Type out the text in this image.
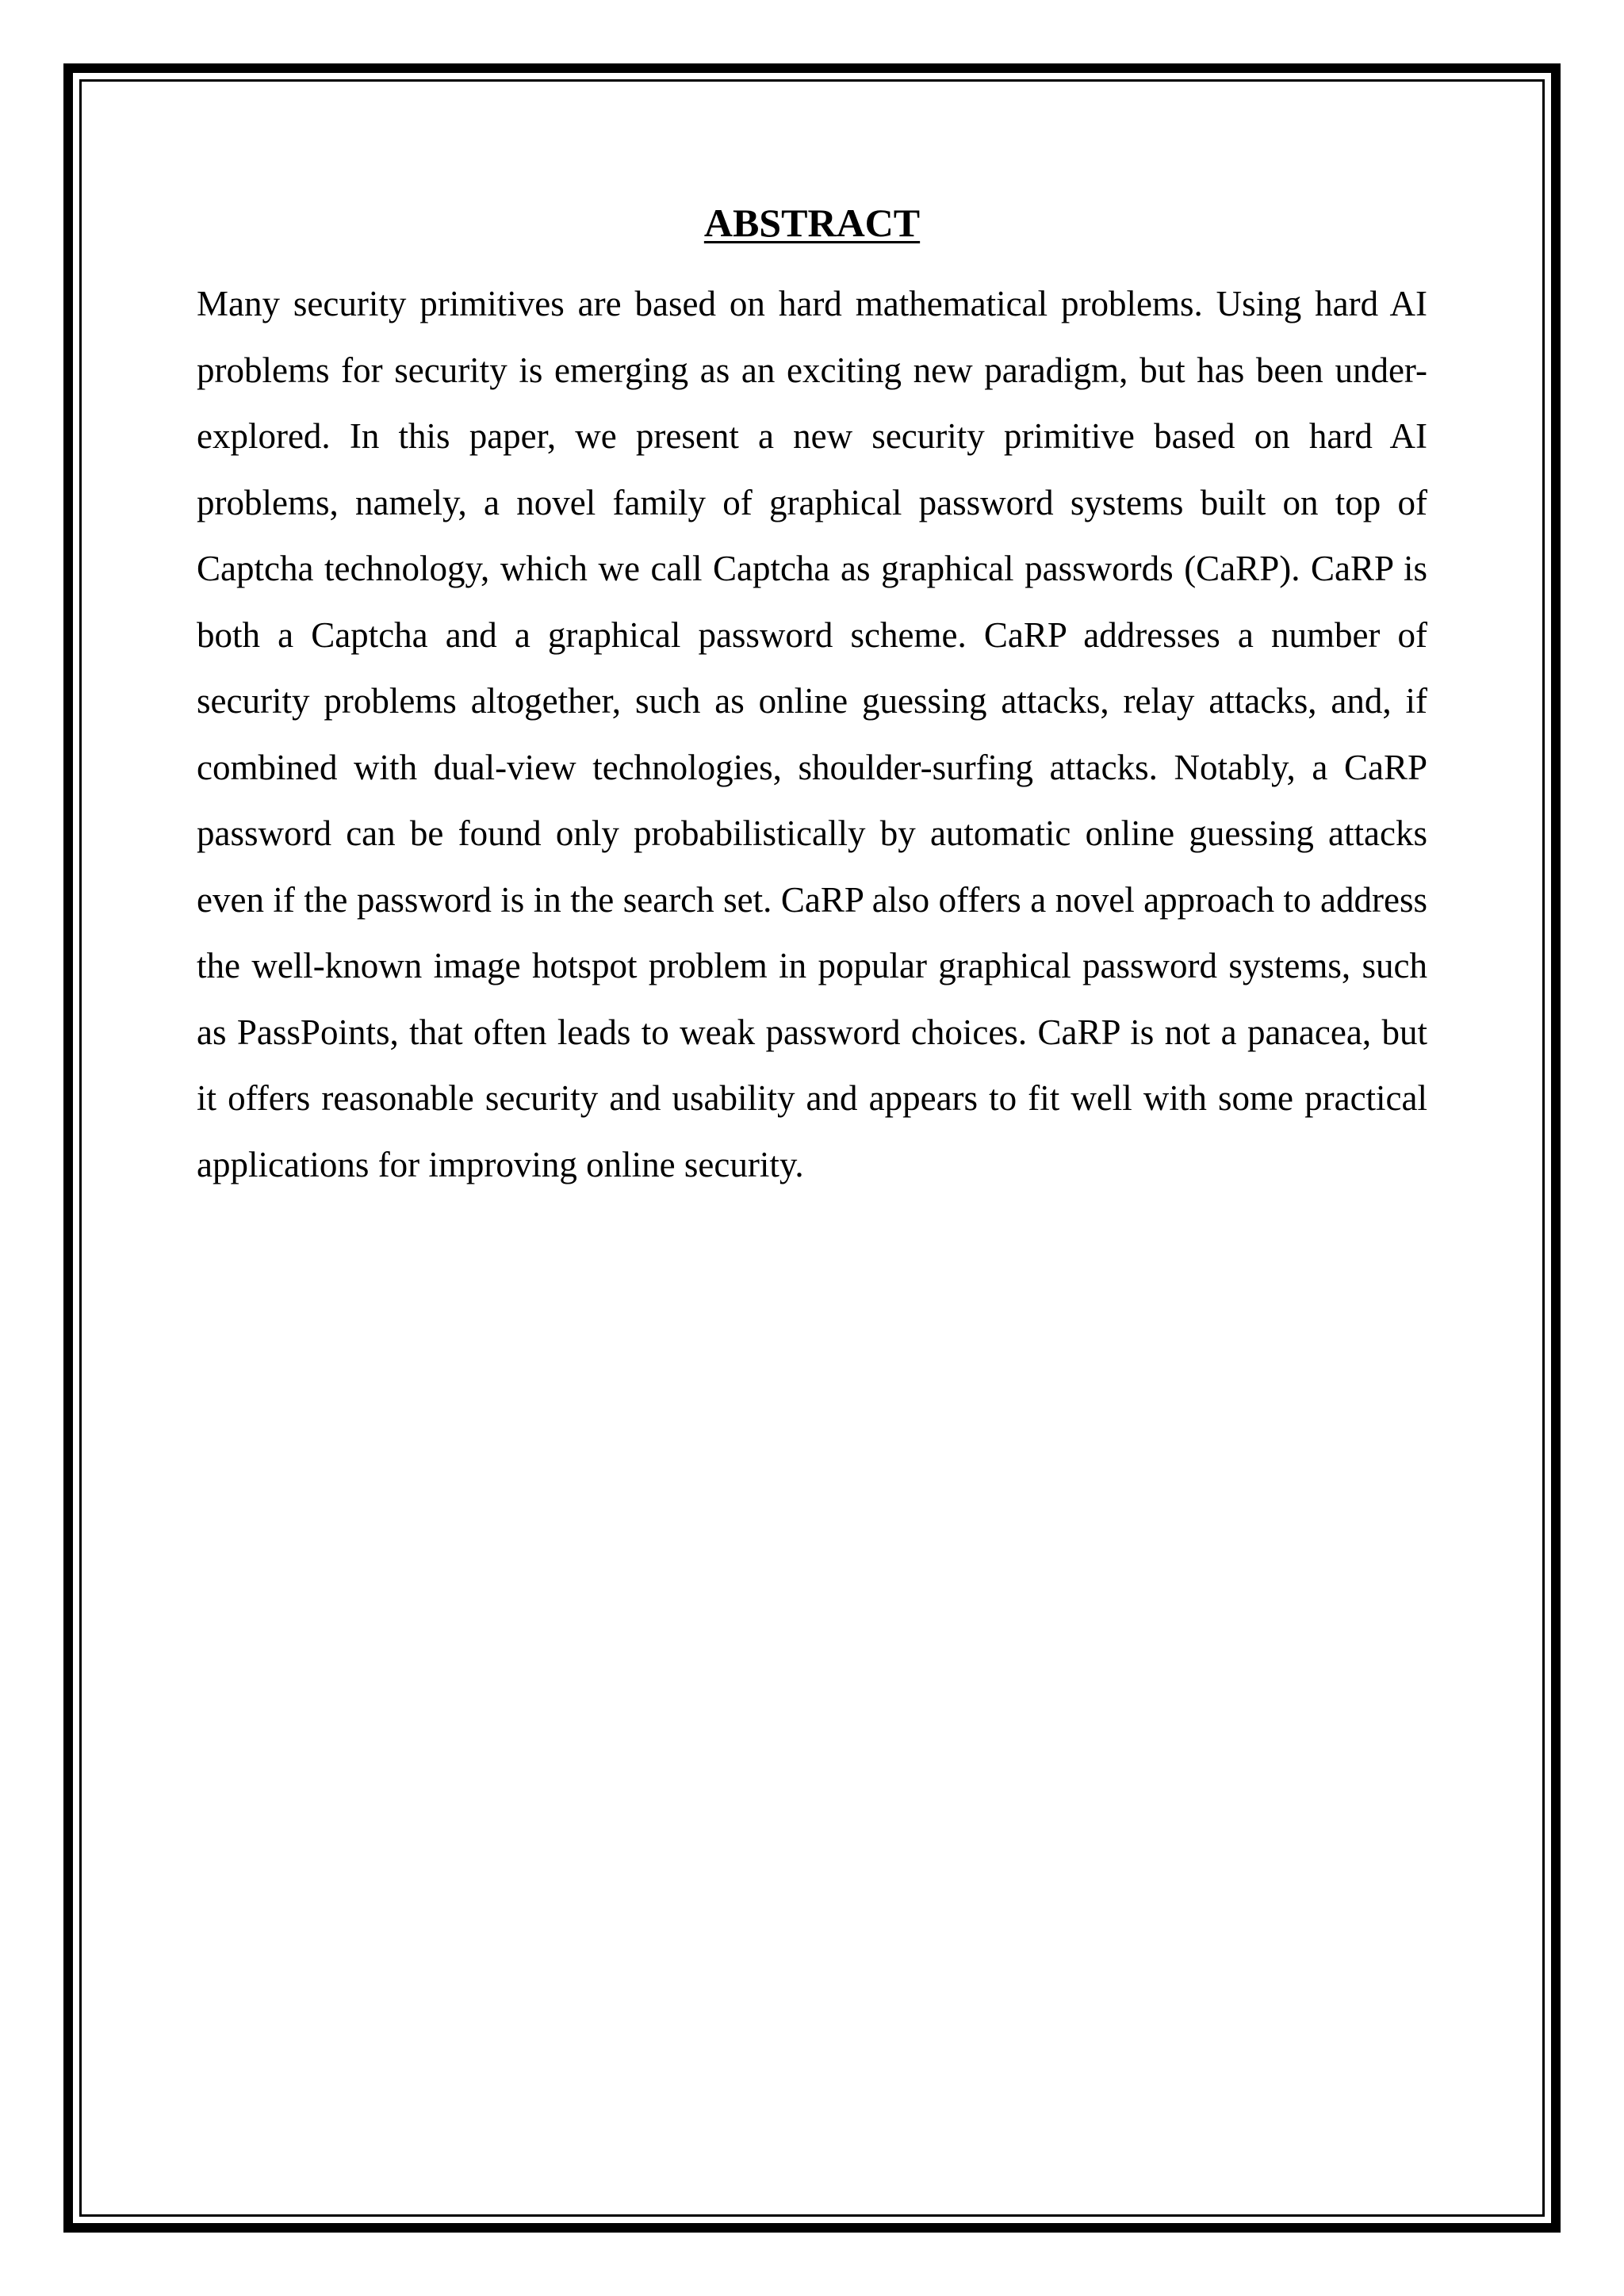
ABSTRACT

Many security primitives are based on hard mathematical problems. Using hard AI problems for security is emerging as an exciting new paradigm, but has been under-explored. In this paper, we present a new security primitive based on hard AI problems, namely, a novel family of graphical password systems built on top of Captcha technology, which we call Captcha as graphical passwords (CaRP). CaRP is both a Captcha and a graphical password scheme. CaRP addresses a number of security problems altogether, such as online guessing attacks, relay attacks, and, if combined with dual-view technologies, shoulder-surfing attacks. Notably, a CaRP password can be found only probabilistically by automatic online guessing attacks even if the password is in the search set. CaRP also offers a novel approach to address the well-known image hotspot problem in popular graphical password systems, such as PassPoints, that often leads to weak password choices. CaRP is not a panacea, but it offers reasonable security and usability and appears to fit well with some practical applications for improving online security.
